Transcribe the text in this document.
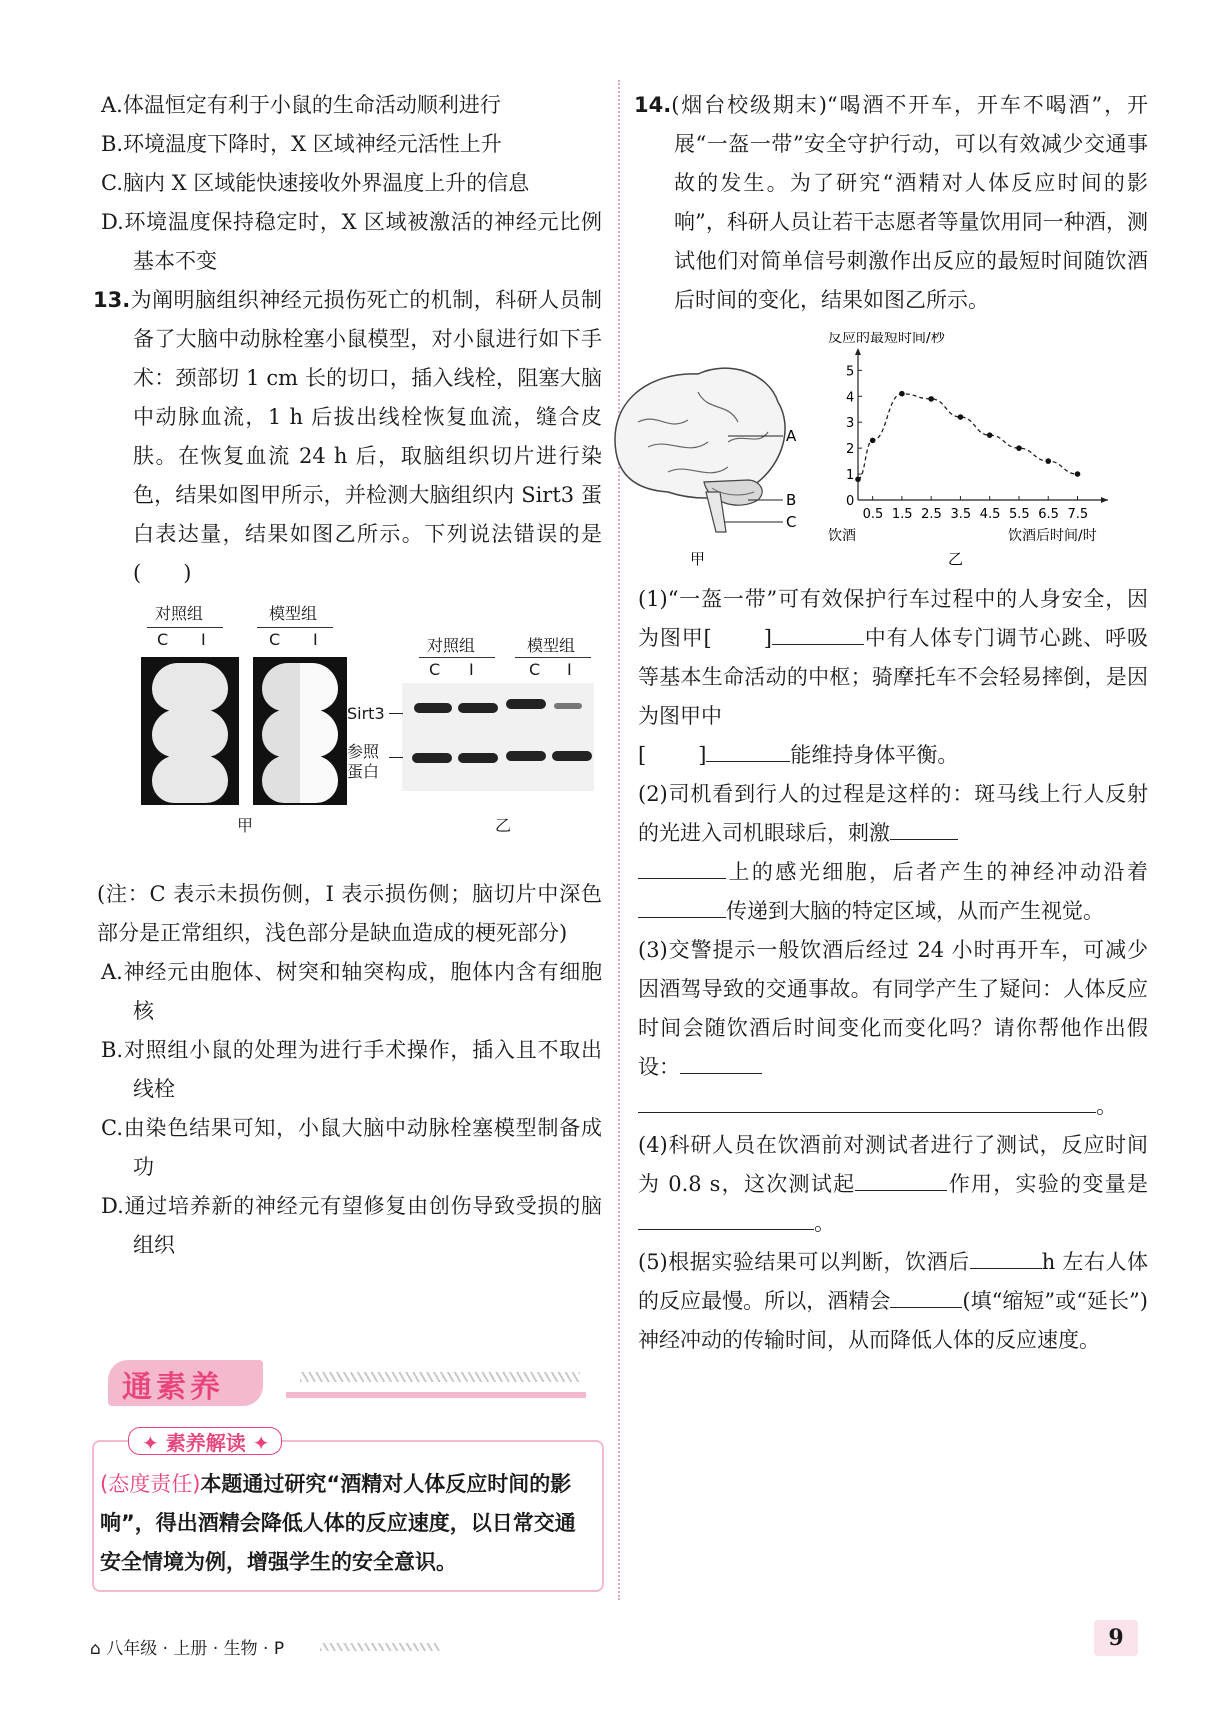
A.体温恒定有利于小鼠的生命活动顺利进行

B.环境温度下降时，X 区域神经元活性上升

C.脑内 X 区域能快速接收外界温度上升的信息

D.环境温度保持稳定时，X 区域被激活的神经元比例基本不变

13.为阐明脑组织神经元损伤死亡的机制，科研人员制备了大脑中动脉栓塞小鼠模型，对小鼠进行如下手术：颈部切 1 cm 长的切口，插入线栓，阻塞大脑中动脉血流，1 h 后拔出线栓恢复血流，缝合皮肤。在恢复血流 24 h 后，取脑组织切片进行染色，结果如图甲所示，并检测大脑组织内 Sirt3 蛋白表达量，结果如图乙所示。下列说法错误的是(　　)

对照组	模型组
C I	C I
甲
对照组	模型组
C I	C I
Sirt3
参照
蛋白
乙

(注：C 表示未损伤侧，I 表示损伤侧；脑切片中深色部分是正常组织，浅色部分是缺血造成的梗死部分)

A.神经元由胞体、树突和轴突构成，胞体内含有细胞核

B.对照组小鼠的处理为进行手术操作，插入且不取出线栓

C.由染色结果可知，小鼠大脑中动脉栓塞模型制备成功

D.通过培养新的神经元有望修复由创伤导致受损的脑组织

通素养
✦ 素养解读 ✦
(态度责任)本题通过研究“酒精对人体反应时间的影响”，得出酒精会降低人体的反应速度，以日常交通安全情境为例，增强学生的安全意识。

14.(烟台校级期末)“喝酒不开车，开车不喝酒”，开展“一盔一带”安全守护行动，可以有效减少交通事故的发生。为了研究“酒精对人体反应时间的影响”，科研人员让若干志愿者等量饮用同一种酒，测试他们对简单信号刺激作出反应的最短时间随饮酒后时间的变化，结果如图乙所示。

A
B
C
甲	乙
反应的最短时间/秒
饮酒后时间/时
饮酒
0
1
2
3
4
5
0.5 1.5 2.5 3.5 4.5 5.5 6.5 7.5

(1)“一盔一带”可有效保护行车过程中的人身安全，因为图甲[ ]	中有人体专门调节心跳、呼吸等基本生命活动的中枢；骑摩托车不会轻易摔倒，是因为图甲中
[ ]	能维持身体平衡。

(2)司机看到行人的过程是这样的：斑马线上行人反射的光进入司机眼球后，刺激
上的感光细胞，后者产生的神经冲动沿着传递到大脑的特定区域，从而产生视觉。

(3)交警提示一般饮酒后经过 24 小时再开车，可减少因酒驾导致的交通事故。有同学产生了疑问：人体反应时间会随饮酒后时间变化而变化吗？请你帮他作出假设：
。

(4)科研人员在饮酒前对测试者进行了测试，反应时间为 0.8 s，这次测试起	作用，实验的变量是。

(5)根据实验结果可以判断，饮酒后	h 左右人体的反应最慢。所以，酒精会	(填“缩短”或“延长”)神经冲动的传输时间，从而降低人体的反应速度。

⌂ 八年级 · 上册 · 生物 · P	9
